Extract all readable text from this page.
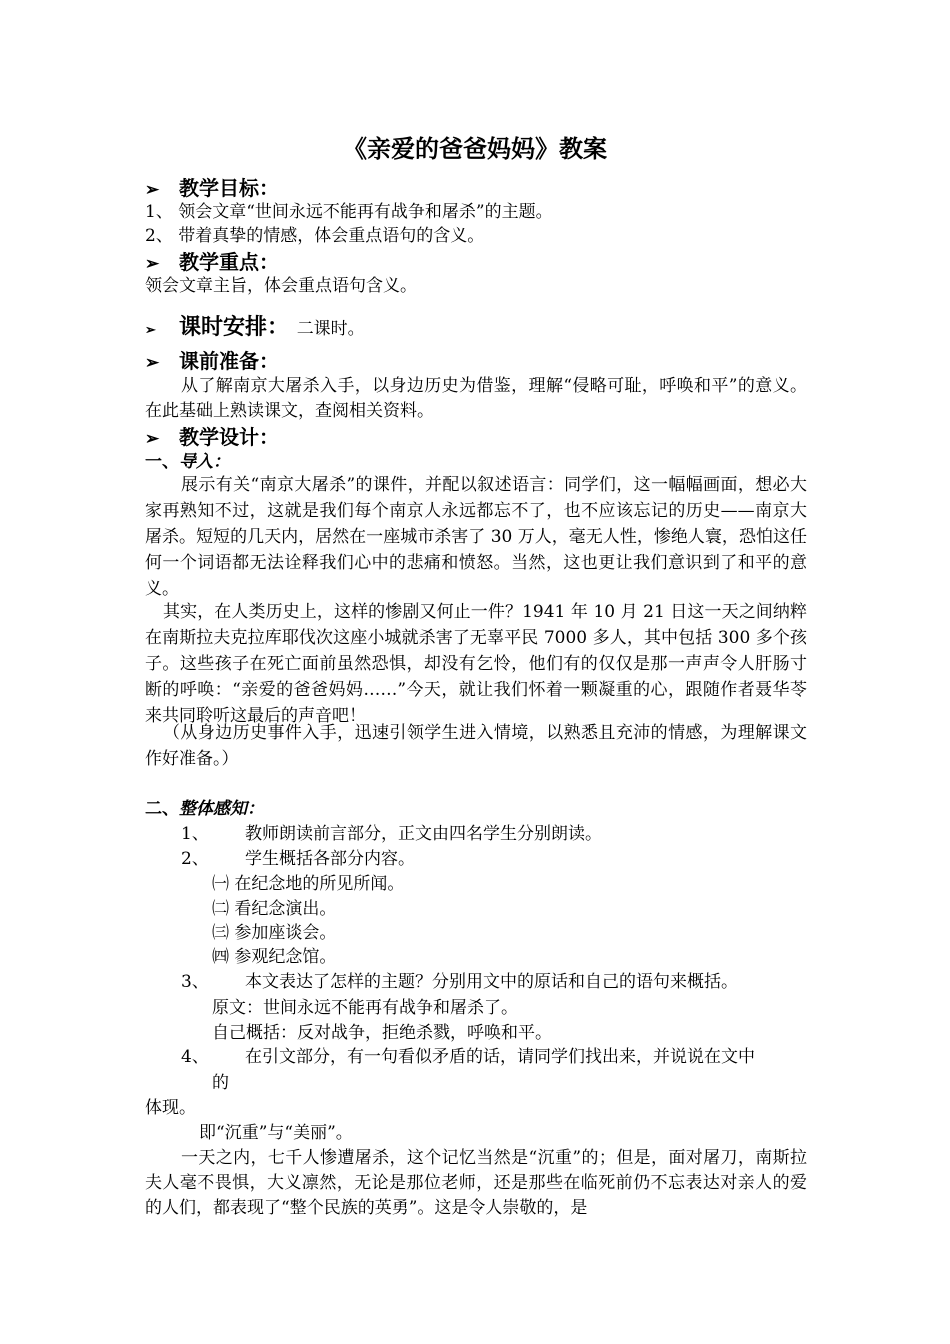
《亲爱的爸爸妈妈》教案
➢ 教学目标：
1、 领会文章“世间永远不能再有战争和屠杀”的主题。
2、 带着真挚的情感，体会重点语句的含义。
➢ 教学重点：
领会文章主旨，体会重点语句含义。
➢ 课时安排： 二课时。
➢ 课前准备：
从了解南京大屠杀入手，以身边历史为借鉴，理解“侵略可耻，呼唤和平”的意义。在此基础上熟读课文，查阅相关资料。
➢ 教学设计：
一、导入：
展示有关“南京大屠杀”的课件，并配以叙述语言：同学们，这一幅幅画面，想必大家再熟知不过，这就是我们每个南京人永远都忘不了，也不应该忘记的历史——南京大屠杀。短短的几天内，居然在一座城市杀害了 30 万人，毫无人性，惨绝人寰，恐怕这任何一个词语都无法诠释我们心中的悲痛和愤怒。当然，这也更让我们意识到了和平的意义。
其实，在人类历史上，这样的惨剧又何止一件？1941 年 10 月 21 日这一天之间纳粹在南斯拉夫克拉库耶伐次这座小城就杀害了无辜平民 7000 多人，其中包括 300 多个孩子。这些孩子在死亡面前虽然恐惧，却没有乞怜，他们有的仅仅是那一声声令人肝肠寸断的呼唤：“亲爱的爸爸妈妈……”今天，就让我们怀着一颗凝重的心，跟随作者聂华苓来共同聆听这最后的声音吧！
（从身边历史事件入手，迅速引领学生进入情境，以熟悉且充沛的情感，为理解课文作好准备。）
二、整体感知：
1、 教师朗读前言部分，正文由四名学生分别朗读。
2、 学生概括各部分内容。
㈠ 在纪念地的所见所闻。
㈡ 看纪念演出。
㈢ 参加座谈会。
㈣ 参观纪念馆。
3、 本文表达了怎样的主题？分别用文中的原话和自己的语句来概括。
原文：世间永远不能再有战争和屠杀了。
自己概括：反对战争，拒绝杀戮，呼唤和平。
4、 在引文部分，有一句看似矛盾的话，请同学们找出来，并说说在文中
的
体现。
即“沉重”与“美丽”。
一天之内，七千人惨遭屠杀，这个记忆当然是“沉重”的；但是，面对屠刀，南斯拉夫人毫不畏惧，大义凛然，无论是那位老师，还是那些在临死前仍不忘表达对亲人的爱的人们，都表现了“整个民族的英勇”。这是令人崇敬的，是
